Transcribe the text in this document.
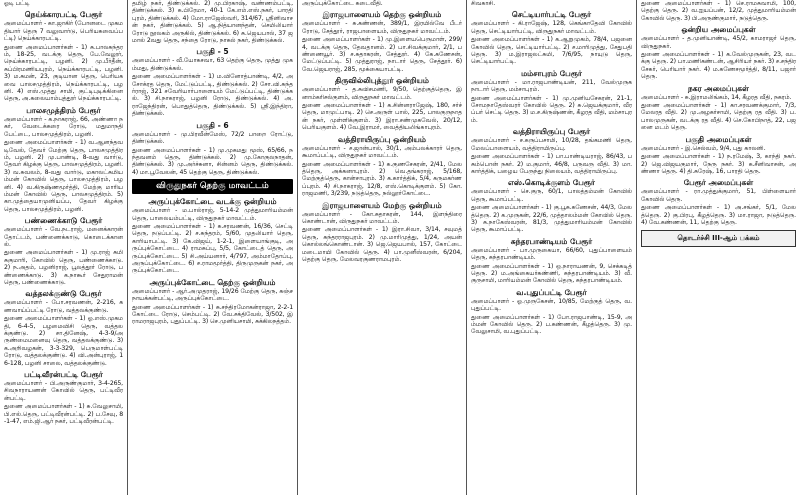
ஓடி பட்டி
நெய்க்காரபட்டி பேரூர்
அமைப்பாளர் - கா.ஜாகிர் (போனடை முகமதியார் தெரு 7 வலுவார்டு, பெரியகவைப்பட்டி) நெய்க்காரபட்டி.
துணை அமைப்பாளர்கள் - 1) சு.பாலசுந்தரம், 18-25, வடக்கு தெரு, பே.வேலூர், நெய்க்காரபட்டி, பழனி. 2) மு.பீர்தீன், சுப்பிரமணியபுரம், நெய்க்காரபட்டி, பழனி. 3) ம.சுமன், 23, குடியான தெரு, பெரியகவை பாலசமுத்திரம், நெய்க்காரபட்டி, பழனி. 4) எஸ்.முத்து சாமி, குட்டிபுடிக்கினை தெரு, அ.கலையாம்புத்தூர் நெய்க்காரபட்டி.
பாலசமுத்திரம் பேரூர்
அமைப்பாளர் - க.நாகராஜ், 66, அண்ணா நகர், வேடைக்கரை ரோடு, மதுமாநதி பேட்டை, பாலசமுத்திரம், பழனி.
துணை அமைப்பாளர்கள் - 1) வ.ஆனந்தவடிவேல், தேவர் மேற்கு தெரு, பாலசமுத்திரம், பழனி. 2) மு.பாண்டி, 8-வது வார்டு, தேவர் கிழக்கு தெரு, பாலசமுத்திரம், பழனி. 3) வ.சுவலம், 8-வது வார்டு, மகாலட்சுமியம்மன் கோவில் தெரு, பாலசமுத்திரம், பழனி. 4) வ.கிருஷ்ணமூர்த்தி, மேற்கு மாரியம்மன் கோவில் தெரு, பாலசமுத்திரம். 5) கா.முத்தையாமுனியப்ப, தேவர் கிழக்கு தெரு, பாலசமுத்திரம், பழனி.
பண்ணைக்காடு பேரூர்
அமைப்பாளர் - வே.நடராஜ், மனைக்காரன் தோட்டம், பண்ணைக்காடு, கொடைக்கானல்.
துணை அமைப்பாளர்கள் - 1) மு.ராஜ் சுமி சுகுமாரி, கோவில் தெரு, பண்ணைக்காடு. 2) ந.அதம், பழனிராஜ், பூலத்தூர் ரோடு, பண்ணைக்காடு. 3) க.நாகூர் சேதுராமன் தெரு, பண்ணைக்காடு.
வத்தலக்குண்டு பேரூர்
அமைப்பாளர் - போ.சரவணன், 2-216, கணவாய்ப்பட்டி ரோடு, வத்தலக்குண்டு.
துணை அமைப்பாளர்கள் - 1) ஓ.எஸ்.முகமதி, 6-4-5, பழமைவிசி தெரு, வத்தலக்குண்டு. 2) சா.தினேஷ், 4-3-9/அருண்மைமனைவு தெரு, வத்தலக்குண்டு. 3) க.அறிவழகன், 3-3-329, பெருமாள்பட்டி ரோடு, வத்தலக்குண்டு. 4) வி.அன்புராஜ், 16-128, பழனி சாலை, வத்தலக்குண்டு.
பட்டிவீரன்பட்டி பேரூர்
அமைப்பாளர் - பி.அருண்குமார், 3-4-265, சிவநாராயணன் கோவில் தெரு, பட்டிவீரன்பட்டி.
துணை அமைப்பாளர்கள் - 1) சு.வேலுசாமி, பி.எல்.தெரு, பட்டிவீரன்பட்டி. 2) ப.சேவு, 8-1-47, எம்.ஜி.ஆர் நகர், பட்டிவீரன்பட்டி.
தமிழ் நகர், திண்டுக்கல். 2) மு.பிரகாஷ், வண்ணம்பட்டி, திண்டுக்கல். 3) க.பிரேமா, 40-1 கே.எம்.எஸ்.நகர், பாரதி புரம், திண்டுக்கல். 4) மோ.ராஜேஸ்வரி, 314/67, ஸ்ரீனிவாசன் நகர், திண்டுக்கல். 5) ஆ.நித்யானந்தன், செமிலியார் ரோடு நூலகம் அருகில், திண்டுக்கல். 6) சு.ஜெயபால், 37 ஜமால் 2வது தெரு, சந்தை ரோடு, நாகல் நகர், திண்டுக்கல்.
பகுதி - 5
அமைப்பாளர் - வீ.யோகசவா, 63 தெற்கு தெரு, முத்து முகம்மது, திண்டுக்கல்.
துணை அமைப்பாளர்கள் - 1) ம.வினோத்பாண்டி, 4/2, அசோக்ரத தெரு, மேட்டுப்பட்டி, திண்டுக்கல். 2) சோ.வி.சுந்தர்ராஜ், 321 சவேரியார்பாளையம் மேட்டுப்பட்டி, திண்டுக்கல். 3) சி.நாகராஜ், பழனி ரோடு, திண்டுக்கல். 4) அ.ராஜேந்திரன், பொதுத்தெரு, திண்டுக்கல். 5) ஸ்ரீ.இந்திரா, திண்டுக்கல்.
பகுதி - 6
அமைப்பாளர் - மு.பிரவீன்மேஸ், 72/2 பாறை ரோட்டு, திண்டுக்கல்.
துணை அமைப்பாளர்கள் - 1) மு.முகமது மூஸ், 65/66, நந்தவனம் தெரு, திண்டுக்கல். 2) மு.கோகுலநாதன், திண்டுக்கல். 3) மு.அர்ச்சுனா, சின்னம் தெரு, திண்டுக்கல். 4) மா.பூவேலன், 45 தெற்கு தெரு, திண்டுக்கல்.
விருதுநகர் தெற்கு மாவட்டம்
அருப்புக்கோட்டை வடக்கு ஒன்றியம்
அமைப்பாளர் - ம.பால்ராஜ், 5-14-2 முத்துமாரியம்மன் தெரு, பாலையம்பட்டி, விருதுநகர் மாவட்டம்.
துணை அமைப்பாளர்கள் - 1) க.சரவணன், 16/36, செட்டி தெரு, நடுப்பட்டி. 2) ச.சுந்தரம், 5/60, முதலியார் தெரு, காரியாபட்டி. 3) கே.விஜய், 1-2-1, இளையாங்குடி, அருப்புக்கோட்டை. 4) ராமசுப்பு, 5/5, கோட்டைத் தெரு, அருப்புக்கோட்டை. 5) சி.அய்யனார், 4/797, அம்மாதோப்பு, அருப்புக்கோட்டை. 6) ச.ராமமூர்த்தி, திருமுருகன் நகர், அருப்புக்கோட்டை.
அருப்புக்கோட்டை தெற்கு ஒன்றியம்
அமைப்பாளர் - ஆர்.அமுதராஜ், 19/26 மேற்கு தெரு, கஞ்சநாயக்கன்பட்டி, அருப்புக்கோட்டை.
துணை அமைப்பாளர்கள் - 1) சு.சந்திரமோகன்ராஜா, 2-2-1 கோட்டை ரோடு, செம்பட்டி. 2) வே.சக்திவேல், 3/502, இராமராஜபுரம், புதுப்பட்டி. 3) செ.முனியசாமி, சுக்கிலநத்தம்.
அருப்புக்கோட்டை கடைவீதி.
இராஜபாளையம் தெற்கு ஒன்றியம்
அமைப்பாளர் - சு.கண்ணன், 389/1, இரயில்வே பீடர் ரோடு, சேத்தூர், ராஜபாளையம், விருதுநகர் மாவட்டம்.
துணை அமைப்பாளர்கள் - 1) மு.இளையபெருமாள், 299/4, வடக்கு தெரு, தேவதானம். 2) பா.சிவக்குமார், 2/1, பண்ணையூர். 3) ச.சுதாகரன், சேத்தூர். 4) கே.கணேசன், மேட்டுப்பட்டி. 5) முத்துராஜ், நாடார் தெரு, சேத்தூர். 6) வே.ஜெயராஜ், 285, மூக்கையாபட்டி.
திருவில்லிபுத்தூர் ஒன்றியம்
அமைப்பாளர் - த.சுவிசமணி, 9/50, தெற்குத்தெரு, இனாம்கரிசல்குளம், விருதுநகர் மாவட்டம்.
துணை அமைப்பாளர்கள் - 1) க.சின்னராஜேஷ், 180, சர்ச் தெரு, மாமுட்பாடி. 2) செ.அருள் பால், 225, பாலகுருநாதன் நகர், முள்ளிக்குளம். 3) இரா.சண்முகவேல், 20/12, பெரியகுளம். 4) வே.இராமர், வைத்தியலிங்காபுரம்.
வத்திராயிருப்பு ஒன்றியம்
அமைப்பாளர் - ச.ஜான்பால், 30/1, அம்பலக்காரர் தெரு, கூமாப்பட்டி, விருதுநகர் மாவட்டம்.
துணை அமைப்பாளர்கள் - 1) க.குணசேகரன், 2/41, மேலத்தெரு, அக்கனாபுரம். 2) வெ.தங்கராஜ், 5/168, மேற்குத்தெரு, கான்சாபுரம். 3) க.கார்த்திக், 5/4, கருமகர்ணப்புரம். 4) சி.நாகராஜ், 12/8, எஸ்.கொடிக்குளம். 5) கோ.ராஜமணி, 3/239, நடுத்தெரு, நல்லூர்கோட்டை.
இராஜபாளையம் மேற்கு ஒன்றியம்
அமைப்பாளர் - கோ.சுதாகரன், 144, இளந்திரை கொண்டான், விருதுநகர் மாவட்டம்.
துணை அமைப்பாளர்கள் - 1) இரா.சிவா, 3/14, சவுமத் தெரு, சுந்தரராஜபுரம். 2) மு.மாரிமுத்து, 1/24, அயன் கொல்லங்கொண்டான். 3) ஜெ.ஜெயபால், 157, கோட்டை மடைமாயி கோவில் தெரு. 4) பா.முனீஸ்வரன், 6/204, தெற்கு தெரு, மேலவரகுணராமபுரம்.
சிவகாசி.
செட்டியார்பட்டி பேரூர்
அமைப்பாளர் - கி.ராஜேஷ், 128, கெங்காதேவி கோவில் தெரு, செட்டியார்பட்டி, விருதுநகர் மாவட்டம்.
துணை அமைப்பாளர்கள் - 1) க.ஆறுமுகம், 78/4, பஜனை கோவில் தெரு, செட்டியார்பட்டி. 2) ச.மாரிமுத்து, சேதுபதி தெரு. 3) ம.இராஜலட்சுமி, 7/6/95, நாயுடு தெரு, செட்டியார்பட்டி.
மம்சாபுரம் பேரூர்
அமைப்பாளர் - மா.ராஜபாண்டியன், 211, வேல்முருக நாடார் தெரு, மம்சாபுரம்.
துணை அமைப்பாளர்கள் - 1) மு.முனியசேகரன், 21-1, சோமநாதேஸ்வரர் கோவில் தெரு. 2) சு.ஜெயக்குமார், வீரப்பர் செட்டி தெரு. 3) ம.ச.கிருஷ்ணன், கீழரத வீதி, மம்சாபுரம்.
வத்திராயிருப்பு பேரூர்
அமைப்பாளர் - ச.கருப்பசாமி, 10/28, தங்கமணி தெரு, மேலப்பாளையம், வத்திராயிருப்பு.
துணை அமைப்பாளர்கள் - 1) பா.பாண்டியராஜ், 86/43, பசும்பொன் நகர். 2) ம.குமார், 46/8, பருவரு வீதி. 3) மா.கார்த்திக், பழைய பேருந்து நிலையம், வத்திராயிருப்பு.
எஸ்.கொடிக்குளம் பேரூர்
அமைப்பாளர் - செ.குரு, 60/1, பாலத்தம்மன் கோவில் தெரு, கூமாப்பட்டி.
துணை அமைப்பாளர்கள் - 1) கு.பூசு.கணேசன், 44/3, மேலத்தெரு. 2) க.முருகன், 22/6, முத்தாலம்மன் கோவில் தெரு. 3) சு.நாகேஸ்வரன், 81/3, முத்துமாரியம்மன் கோவில் தெரு, கூமாப்பட்டி.
சுந்தரபாண்டியம் பேரூர்
அமைப்பாளர் - பா.முருகையா, 66/60, புதுப்பாளையம் தெரு, சுந்தரபாண்டியம்.
துணை அமைப்பாளர்கள் - 1) ஒ.நாராயணன், 9, செக்கடித் தெரு. 2) ம.அங்கையர்கண்ணி, சுந்தரபாண்டியம். 3) வீ.குருசாமி, மாரியம்மன் கோவில் தெரு, சுந்தரபாண்டியம்.
வ.புதுப்பட்டி பேரூர்
அமைப்பாளர் - ஓ.முருகேசன், 10/85, மேற்குத் தெரு, வ.புதுப்பட்டி.
துணை அமைப்பாளர்கள் - 1) போ.ராஜபாண்டி, 15-9, அம்மன் கோவில் தெரு. 2) ப.கண்ணன், கீழத்தெரு. 3) மு.வேலுசாமி, வ.புதுப்பட்டி.
துணை அமைப்பாளர்கள் - 1) செ.ராமசுவாமி, 100, தெற்கு தெரு. 2) வ.ஐயப்பன், 12/2, முத்துமாரியம்மன் கோவில் தெரு. 3) பி.அருண்குமார், நடுத்தெரு.
ஒன்றிய அமைப்புகள்
அமைப்பாளர் - த.முனியாண்டி, 45/2, காமராஜர் தெரு, விருதுநகர்.
துணை அமைப்பாளர்கள் - 1) க.வேல்முருகன், 23, வடக்கு தெரு. 2) பா.மணிகண்டன், ஆசிரியர் நகர். 3) ச.சந்திரசேகர், பெரியார் நகர். 4) ம.கணேசமூர்த்தி, 8/11, பஜார் தெரு.
நகர அமைப்புகள்
அமைப்பாளர் - சு.இராமலிங்கம், 14, கீழரத வீதி, நகரம்.
துணை அமைப்பாளர்கள் - 1) கா.சரவணக்குமார், 7/3, மேலரத வீதி. 2) மு.அழகர்சாமி, தெற்கு ரத வீதி. 3) ப.பாலமுருகன், வடக்கு ரத வீதி. 4) செ.கோபிநாத், 22, பஜனை மடம் தெரு.
பகுதி அமைப்புகள்
அமைப்பாளர் - இ.செல்வம், 9/4, புது காலனி.
துணை அமைப்பாளர்கள் - 1) ந.ரமேஷ், 3, காந்தி நகர். 2) ஜெ.விஜயகுமார், நேரு நகர். 3) க.சீனிவாசன், அண்ணா தெரு. 4) தி.சுரேஷ், 16, பாரதி தெரு.
பேரூர் அமைப்புகள்
அமைப்பாளர் - ரா.முத்துக்குமார், 51, பிள்ளையார் கோவில் தெரு.
துணை அமைப்பாளர்கள் - 1) அ.சங்கர், 5/1, மேலத்தெரு. 2) கு.பிரபு, கீழத்தெரு. 3) மா.ராஜா, நடுத்தெரு. 4) வே.கண்ணன், 11, தெற்கு தெரு.
தொடர்ச்சி III-ஆம் பக்கம்
